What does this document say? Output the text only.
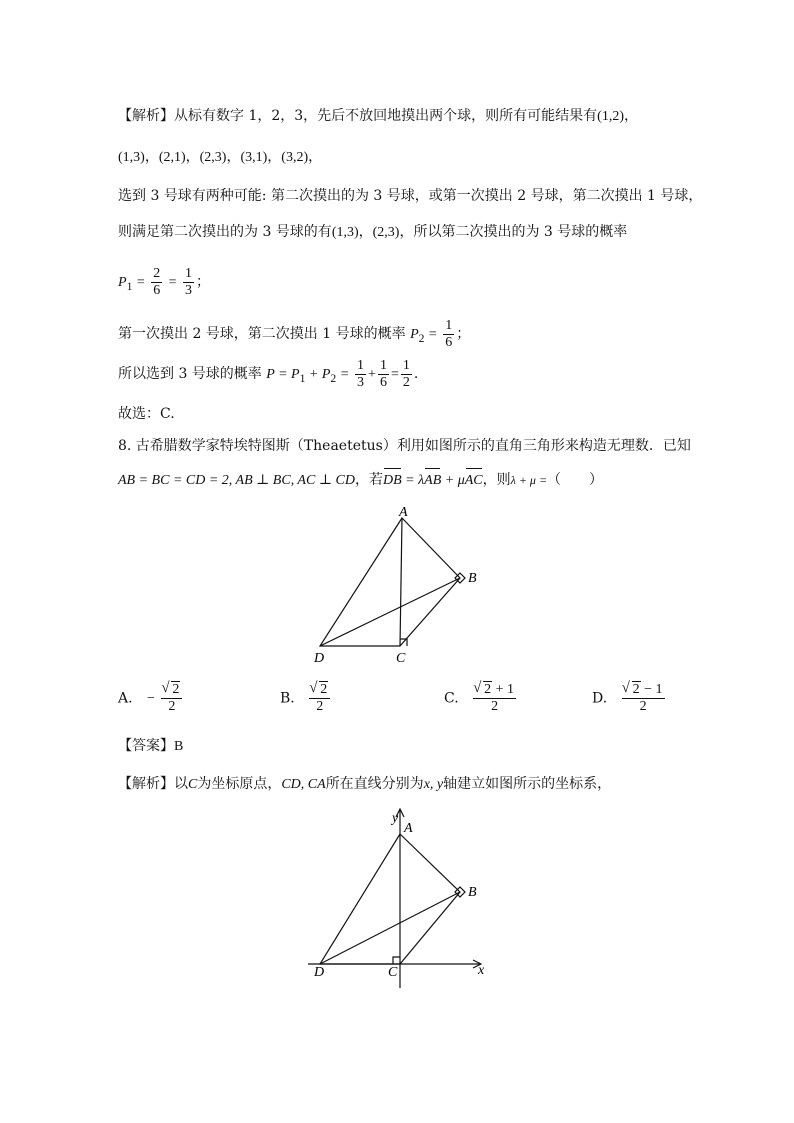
【解析】从标有数字 1，2，3，先后不放回地摸出两个球，则所有可能结果有(1,2)，
(1,3)，(2,1)，(2,3)，(3,1)，(3,2)，
选到 3 号球有两种可能: 第二次摸出的为 3 号球，或第一次摸出 2 号球，第二次摸出 1 号球，
则满足第二次摸出的为 3 号球的有(1,3)，(2,3)，所以第二次摸出的为 3 号球的概率
$P_1 = \frac{2}{6} = \frac{1}{3}$ ；
第一次摸出 2 号球，第二次摸出 1 号球的概率 $P_2 = \frac{1}{6}$ ；
所以选到 3 号球的概率 $P = P_1 + P_2 = \frac{1}{3} + \frac{1}{6} = \frac{1}{2}$ .
故选：C.
8. 古希腊数学家特埃特图斯（Theaetetus）利用如图所示的直角三角形来构造无理数．已知
AB = BC = CD = 2, AB ⊥ BC, AC ⊥ CD，若DB = λAB + μAC，则λ + μ =（　　）
A
B
C
D
A. − √ $\frac{2}{2}$	B. √ $\frac{2}{2}$	C. √ $\frac{2 + 1}{2}$	D. √ $\frac{2 - 1}{2}$
【答案】B
【解析】以C为坐标原点，CD, CA所在直线分别为x, y轴建立如图所示的坐标系，
y
A
B
C
D	x
